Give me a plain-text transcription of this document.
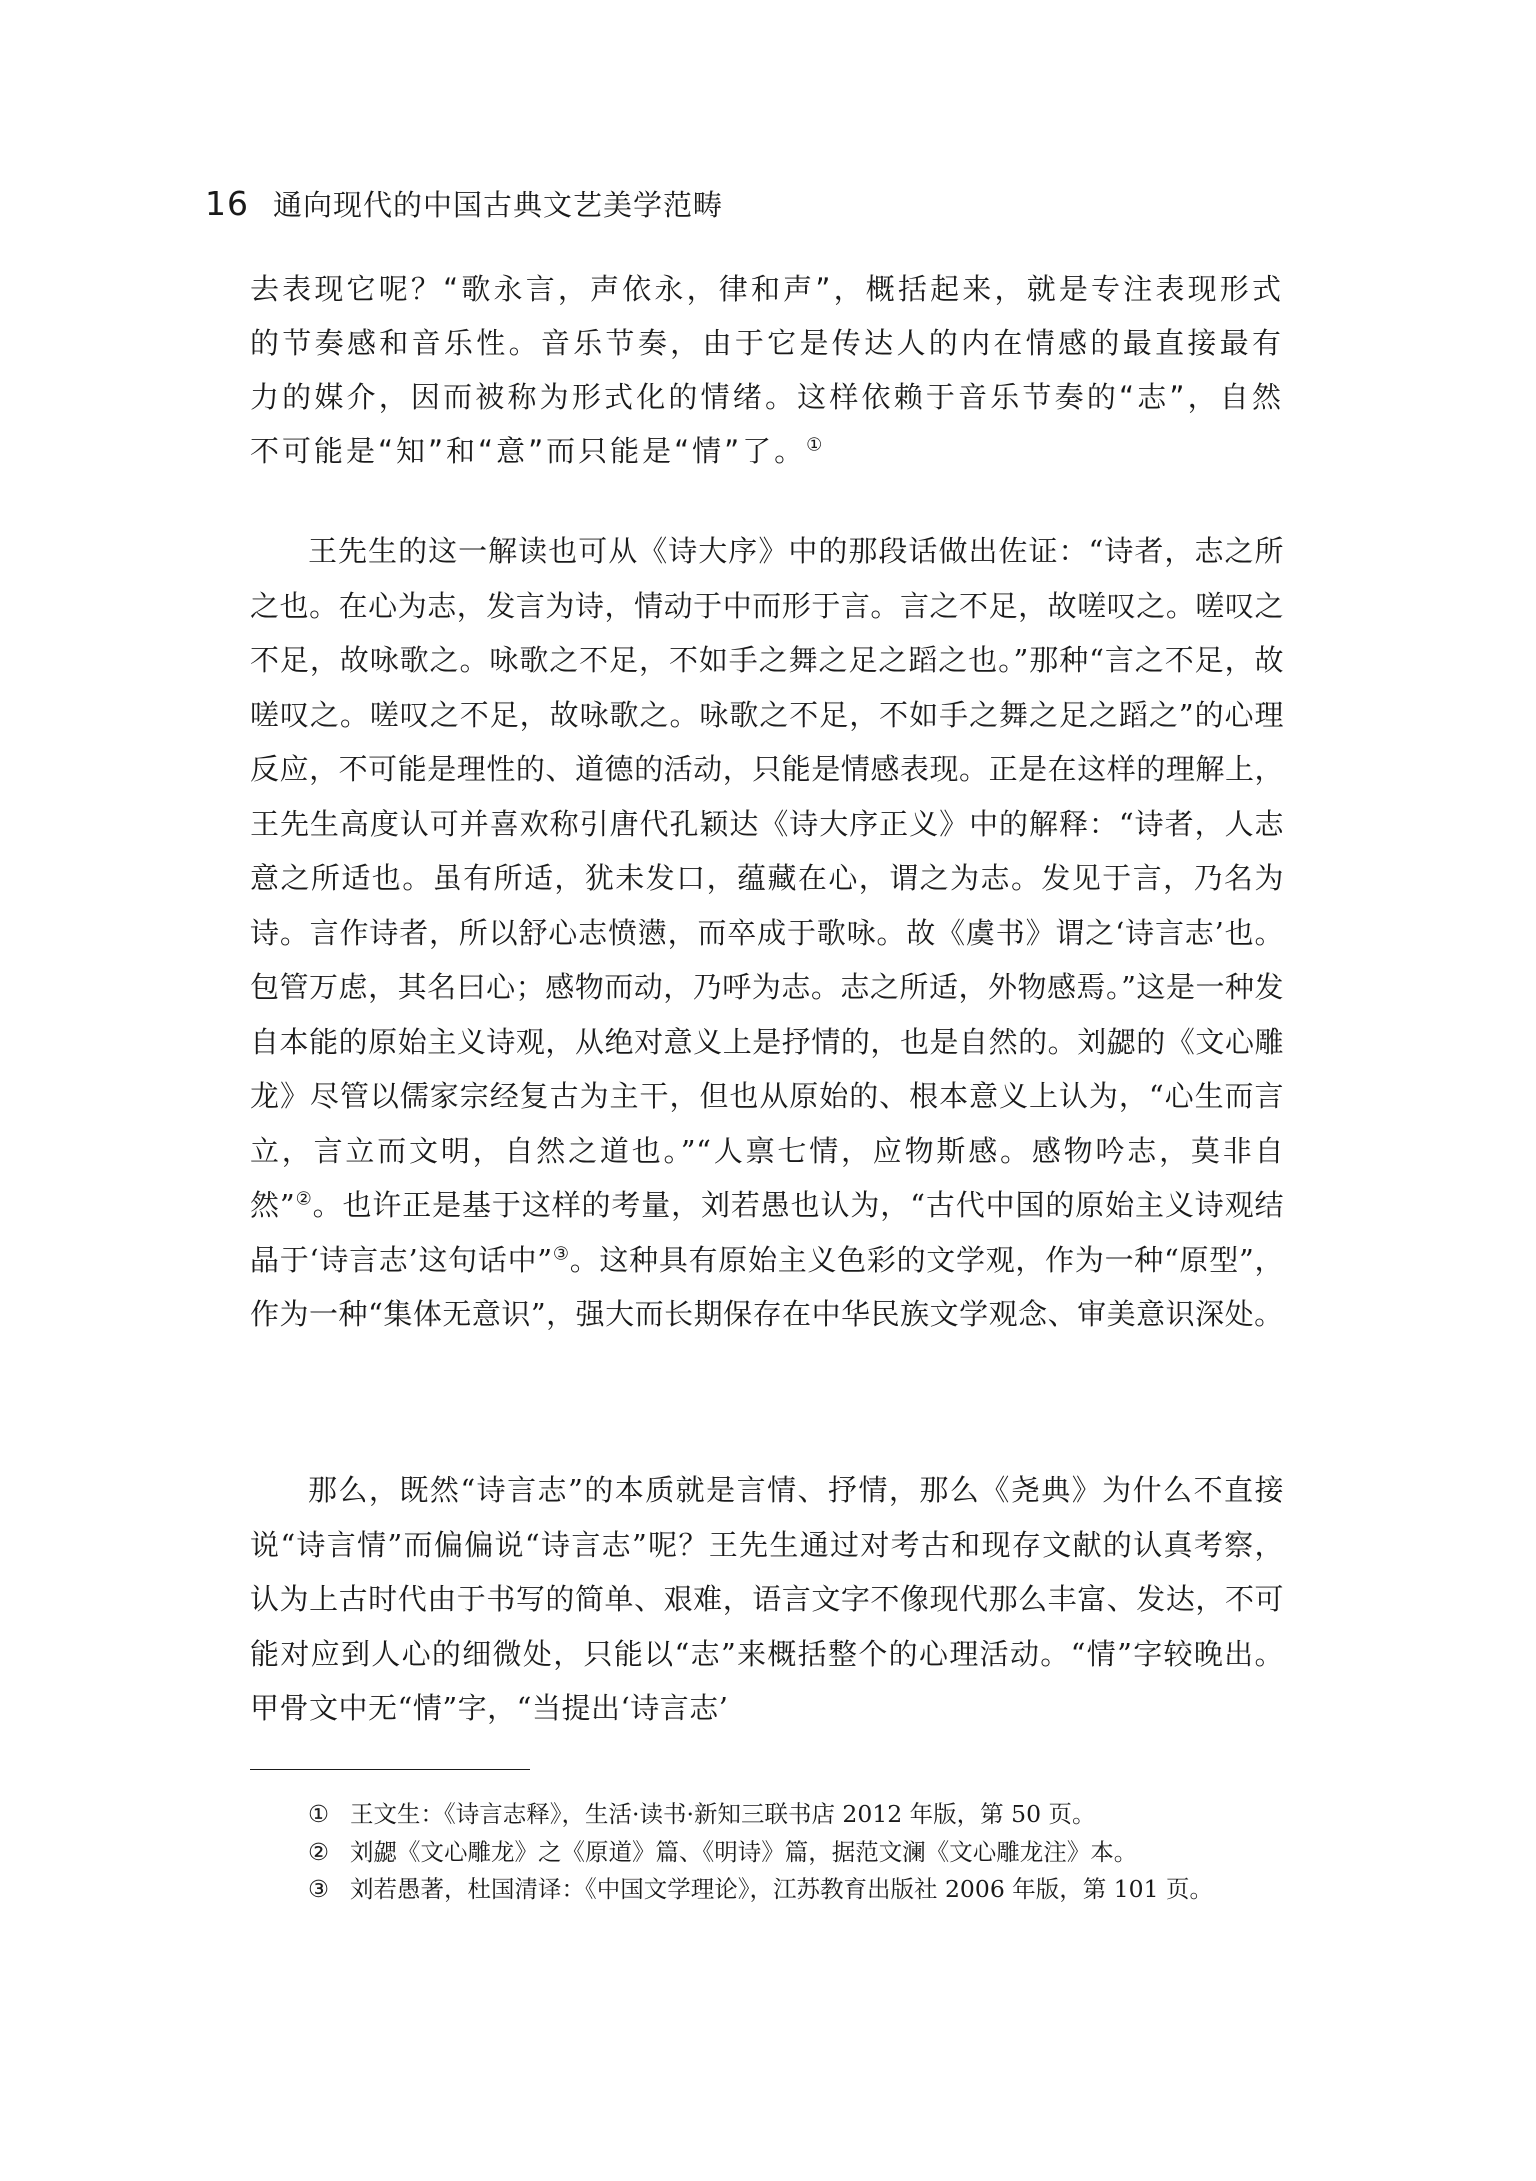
16 通向现代的中国古典文艺美学范畴

去表现它呢？“歌永言，声依永，律和声”，概括起来，就是专注表现形式的节奏感和音乐性。音乐节奏，由于它是传达人的内在情感的最直接最有力的媒介，因而被称为形式化的情绪。这样依赖于音乐节奏的“志”，自然不可能是“知”和“意”而只能是“情”了。①

王先生的这一解读也可从《诗大序》中的那段话做出佐证：“诗者，志之所之也。在心为志，发言为诗，情动于中而形于言。言之不足，故嗟叹之。嗟叹之不足，故咏歌之。咏歌之不足，不如手之舞之足之蹈之也。”那种“言之不足，故嗟叹之。嗟叹之不足，故咏歌之。咏歌之不足，不如手之舞之足之蹈之”的心理反应，不可能是理性的、道德的活动，只能是情感表现。正是在这样的理解上，王先生高度认可并喜欢称引唐代孔颖达《诗大序正义》中的解释：“诗者，人志意之所适也。虽有所适，犹未发口，蕴藏在心，谓之为志。发见于言，乃名为诗。言作诗者，所以舒心志愤懑，而卒成于歌咏。故《虞书》谓之‘诗言志’也。包管万虑，其名曰心；感物而动，乃呼为志。志之所适，外物感焉。”这是一种发自本能的原始主义诗观，从绝对意义上是抒情的，也是自然的。刘勰的《文心雕龙》尽管以儒家宗经复古为主干，但也从原始的、根本意义上认为，“心生而言立，言立而文明，自然之道也。”“人禀七情，应物斯感。感物吟志，莫非自然”②。也许正是基于这样的考量，刘若愚也认为，“古代中国的原始主义诗观结晶于‘诗言志’这句话中”③。这种具有原始主义色彩的文学观，作为一种“原型”，作为一种“集体无意识”，强大而长期保存在中华民族文学观念、审美意识深处。

那么，既然“诗言志”的本质就是言情、抒情，那么《尧典》为什么不直接说“诗言情”而偏偏说“诗言志”呢？王先生通过对考古和现存文献的认真考察，认为上古时代由于书写的简单、艰难，语言文字不像现代那么丰富、发达，不可能对应到人心的细微处，只能以“志”来概括整个的心理活动。“情”字较晚出。甲骨文中无“情”字，“当提出‘诗言志’

① 王文生：《诗言志释》，生活·读书·新知三联书店 2012 年版，第 50 页。
② 刘勰《文心雕龙》之《原道》篇、《明诗》篇，据范文澜《文心雕龙注》本。
③ 刘若愚著，杜国清译：《中国文学理论》，江苏教育出版社 2006 年版，第 101 页。
